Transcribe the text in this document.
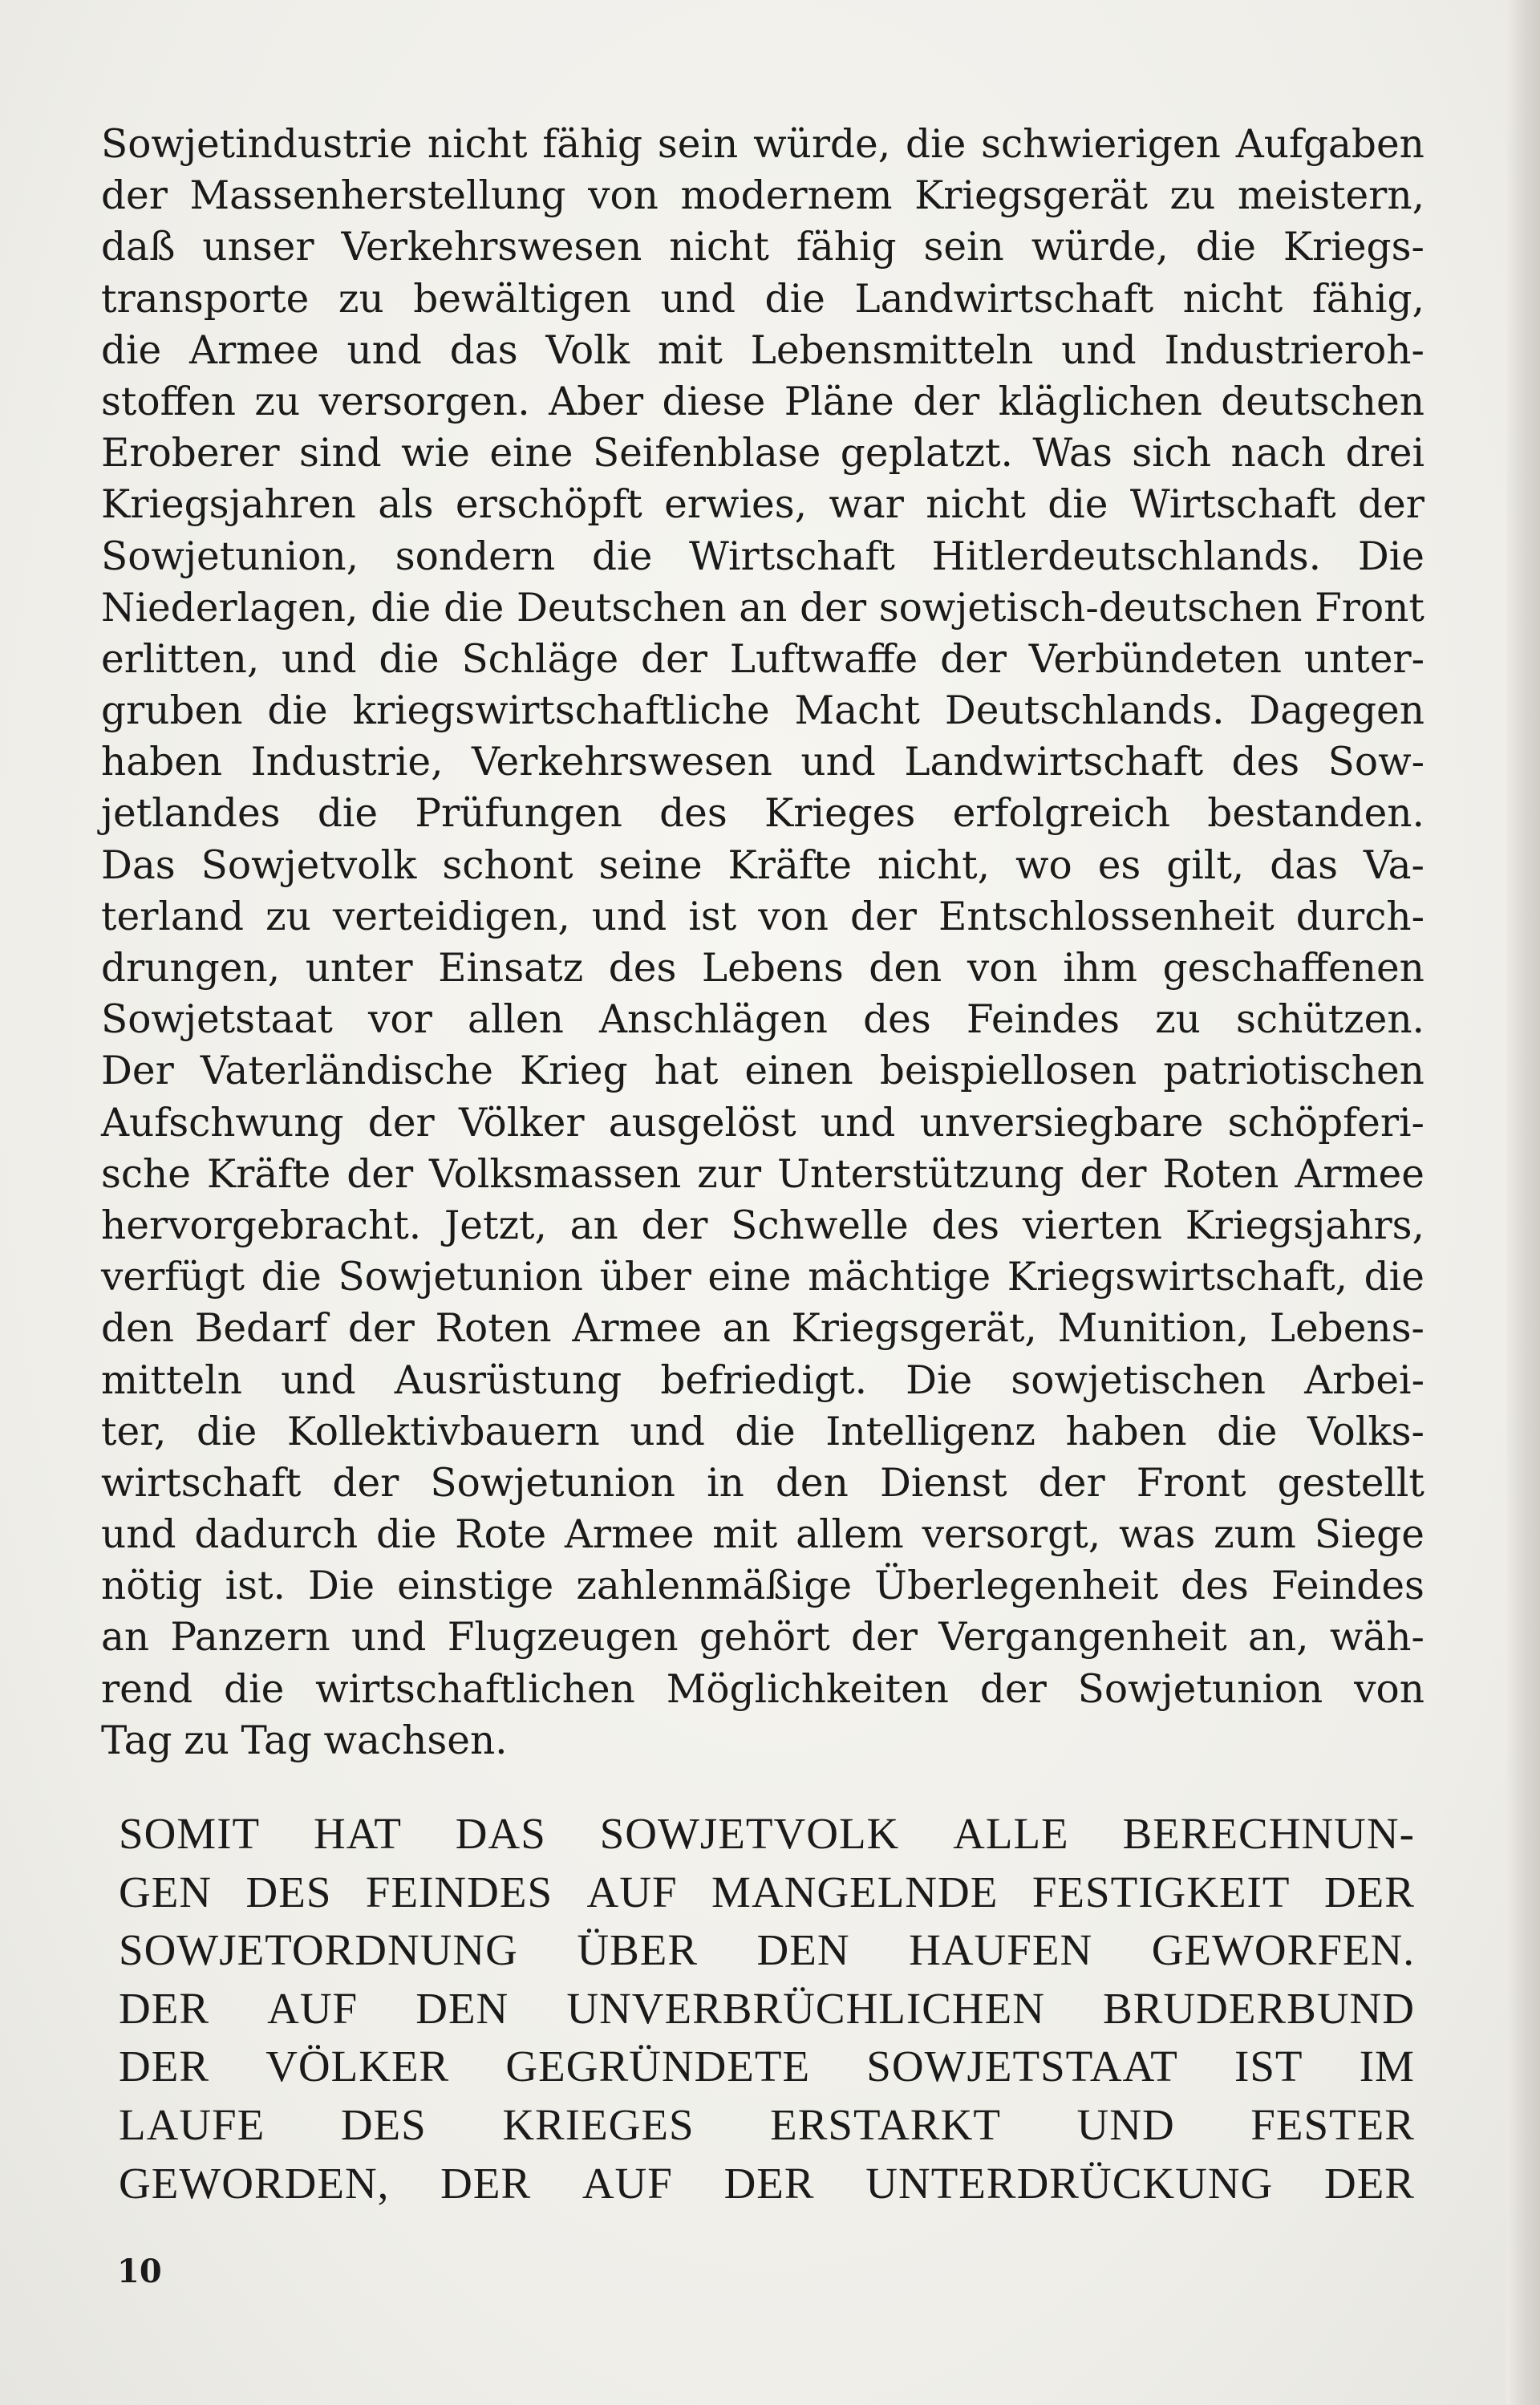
Sowjetindustrie nicht fähig sein würde, die schwierigen Aufgaben
der Massenherstellung von modernem Kriegsgerät zu meistern,
daß unser Verkehrswesen nicht fähig sein würde, die Kriegs-
transporte zu bewältigen und die Landwirtschaft nicht fähig,
die Armee und das Volk mit Lebensmitteln und Industrieroh-
stoffen zu versorgen. Aber diese Pläne der kläglichen deutschen
Eroberer sind wie eine Seifenblase geplatzt. Was sich nach drei
Kriegsjahren als erschöpft erwies, war nicht die Wirtschaft der
Sowjetunion, sondern die Wirtschaft Hitlerdeutschlands. Die
Niederlagen, die die Deutschen an der sowjetisch-deutschen Front
erlitten, und die Schläge der Luftwaffe der Verbündeten unter-
gruben die kriegswirtschaftliche Macht Deutschlands. Dagegen
haben Industrie, Verkehrswesen und Landwirtschaft des Sow-
jetlandes die Prüfungen des Krieges erfolgreich bestanden.
Das Sowjetvolk schont seine Kräfte nicht, wo es gilt, das Va-
terland zu verteidigen, und ist von der Entschlossenheit durch-
drungen, unter Einsatz des Lebens den von ihm geschaffenen
Sowjetstaat vor allen Anschlägen des Feindes zu schützen.
Der Vaterländische Krieg hat einen beispiellosen patriotischen
Aufschwung der Völker ausgelöst und unversiegbare schöpferi-
sche Kräfte der Volksmassen zur Unterstützung der Roten Armee
hervorgebracht. Jetzt, an der Schwelle des vierten Kriegsjahrs,
verfügt die Sowjetunion über eine mächtige Kriegswirtschaft, die
den Bedarf der Roten Armee an Kriegsgerät, Munition, Lebens-
mitteln und Ausrüstung befriedigt. Die sowjetischen Arbei-
ter, die Kollektivbauern und die Intelligenz haben die Volks-
wirtschaft der Sowjetunion in den Dienst der Front gestellt
und dadurch die Rote Armee mit allem versorgt, was zum Siege
nötig ist. Die einstige zahlenmäßige Überlegenheit des Feindes
an Panzern und Flugzeugen gehört der Vergangenheit an, wäh-
rend die wirtschaftlichen Möglichkeiten der Sowjetunion von
Tag zu Tag wachsen.
SOMIT HAT DAS SOWJETVOLK ALLE BERECHNUN-
GEN DES FEINDES AUF MANGELNDE FESTIGKEIT DER
SOWJETORDNUNG ÜBER DEN HAUFEN GEWORFEN.
DER AUF DEN UNVERBRÜCHLICHEN BRUDERBUND
DER VÖLKER GEGRÜNDETE SOWJETSTAAT IST IM
LAUFE DES KRIEGES ERSTARKT UND FESTER
GEWORDEN, DER AUF DER UNTERDRÜCKUNG DER
10
